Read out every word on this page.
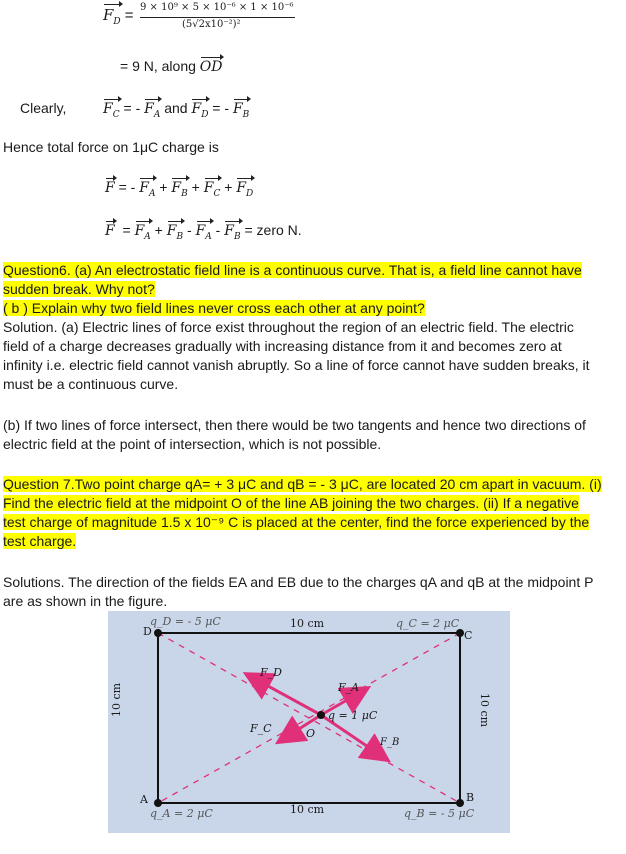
$F_D = 9 \times 10^9 \times 5 \times 10^{-6} \times 1 \times 10^{-6}$
(5√2x10⁻²)²
= 9 N, along OD
Clearly,	$F_C$ = - $F_A$ and $F_D$ = - $F_B$
Hence total force on 1μC charge is
F = - $F_A + F_B + F_C + F_D$
$F = F_A + F_B - F_A - F_B$ = zero N.
Question6. (a) An electrostatic field line is a continuous curve. That is, a field line cannot have
sudden break. Why not?
( b ) Explain why two field lines never cross each other at any point?
Solution. (a) Electric lines of force exist throughout the region of an electric field. The electric
field of a charge decreases gradually with increasing distance from it and becomes zero at
infinity i.e. electric field cannot vanish abruptly. So a line of force cannot have sudden breaks, it
must be a continuous curve.
(b) If two lines of force intersect, then there would be two tangents and hence two directions of
electric field at the point of intersection, which is not possible.
Question 7.Two point charge qA= + 3 μC and qB = - 3 μC, are located 20 cm apart in vacuum. (i)
Find the electric field at the midpoint O of the line AB joining the two charges. (ii) If a negative
test charge of magnitude 1.5 x 10⁻⁹ C is placed at the center, find the force experienced by the
test charge.
Solutions. The direction of the fields EA and EB due to the charges qA and qB at the midpoint P
are as shown in the figure.
q_D = - 5 μC
D
10 cm	q_C = 2 μC
C
10 cm	10 cm
F_D
F_A
q = 1 μC
F_C	O
F_B
A
q_A = 2 μC	10 cm
B
q_B = - 5 μC
